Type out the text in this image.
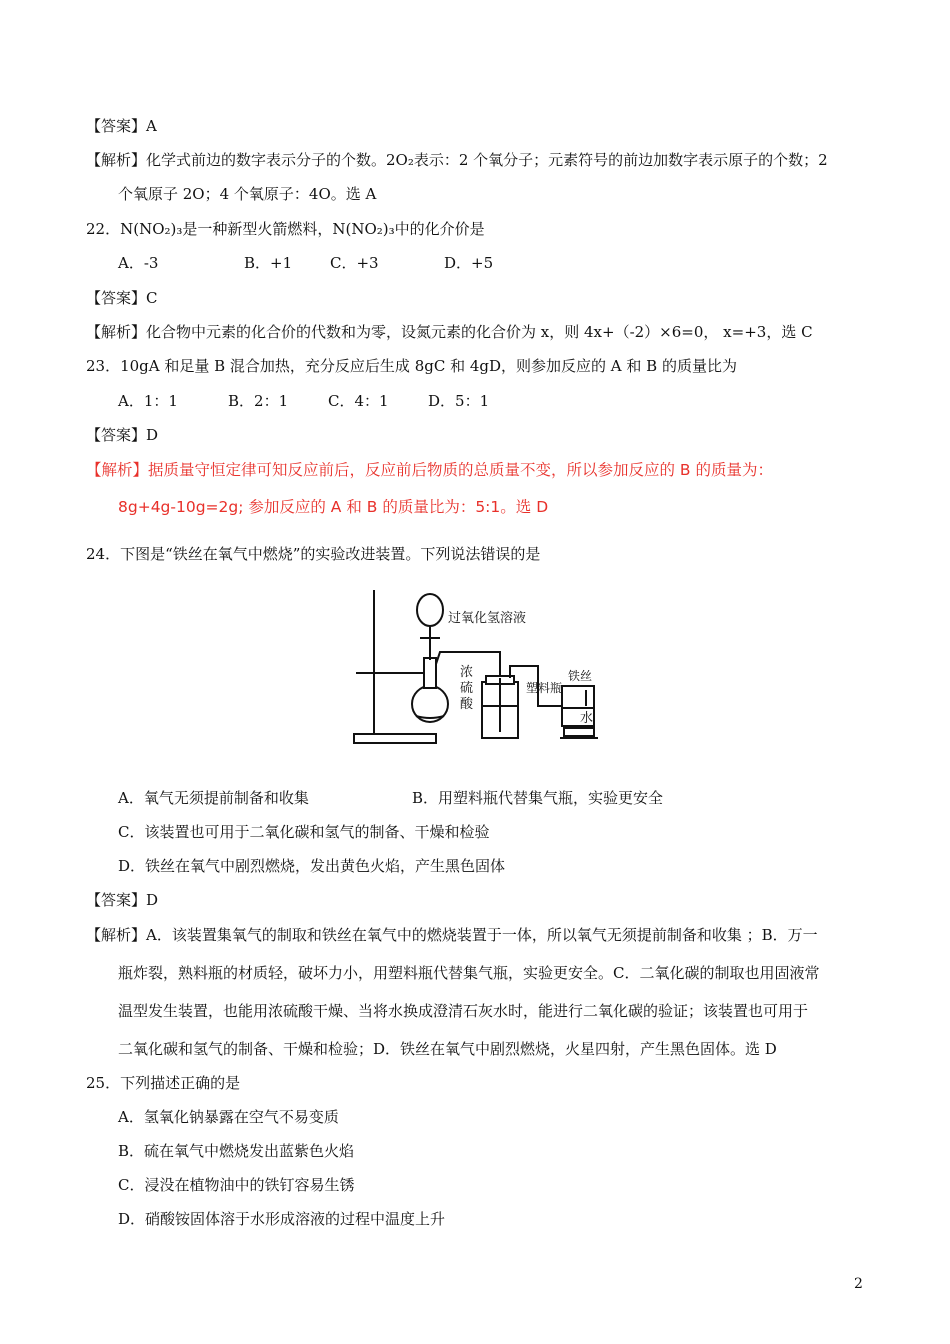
【答案】A
【解析】化学式前边的数字表示分子的个数。2O₂表示：2 个氧分子；元素符号的前边加数字表示原子的个数；2
个氧原子 2O；4 个氧原子：4O。选 A
22．N(NO₂)₃是一种新型火箭燃料，N(NO₂)₃中的化介价是
A．-3	B．+1	C．+3	D．+5
【答案】C
【解析】化合物中元素的化合价的代数和为零，设氮元素的化合价为 x，则 4x+（-2）×6=0， x=+3，选 C
23．10gA 和足量 B 混合加热，充分反应后生成 8gC 和 4gD，则参加反应的 A 和 B 的质量比为
A．1：1	B．2：1	C．4：1	D．5：1
【答案】D
【解析】据质量守恒定律可知反应前后，反应前后物质的总质量不变，所以参加反应的 B 的质量为：
8g+4g-10g=2g; 参加反应的 A 和 B 的质量比为：5:1。选 D
24．下图是“铁丝在氧气中燃烧”的实验改进装置。下列说法错误的是
过氧化氢溶液
浓
硫
酸
塑料瓶
铁丝
水
A．氧气无须提前制备和收集	B．用塑料瓶代替集气瓶，实验更安全
C．该装置也可用于二氧化碳和氢气的制备、干燥和检验
D．铁丝在氧气中剧烈燃烧，发出黄色火焰，产生黑色固体
【答案】D
【解析】A．该装置集氧气的制取和铁丝在氧气中的燃烧装置于一体，所以氧气无须提前制备和收集 ；B．万一
瓶炸裂，熟料瓶的材质轻，破坏力小，用塑料瓶代替集气瓶，实验更安全。C．二氧化碳的制取也用固液常
温型发生装置，也能用浓硫酸干燥、当将水换成澄清石灰水时，能进行二氧化碳的验证；该装置也可用于
二氧化碳和氢气的制备、干燥和检验；D．铁丝在氧气中剧烈燃烧，火星四射，产生黑色固体。选 D
25．下列描述正确的是
A．氢氧化钠暴露在空气不易变质
B．硫在氧气中燃烧发出蓝紫色火焰
C．浸没在植物油中的铁钉容易生锈
D．硝酸铵固体溶于水形成溶液的过程中温度上升
2
